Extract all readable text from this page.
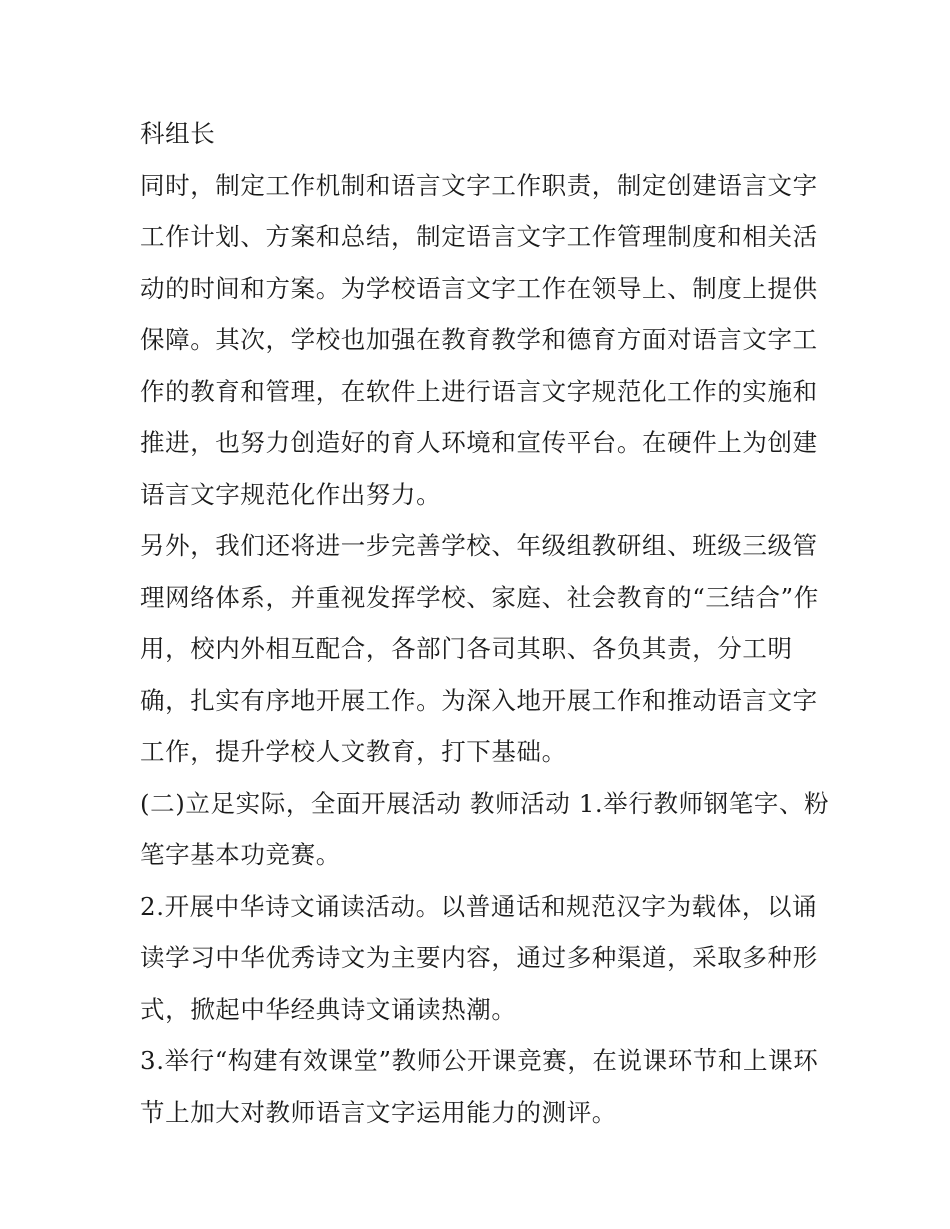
科组长
同时，制定工作机制和语言文字工作职责，制定创建语言文字
工作计划、方案和总结，制定语言文字工作管理制度和相关活
动的时间和方案。为学校语言文字工作在领导上、制度上提供
保障。其次，学校也加强在教育教学和德育方面对语言文字工
作的教育和管理，在软件上进行语言文字规范化工作的实施和
推进，也努力创造好的育人环境和宣传平台。在硬件上为创建
语言文字规范化作出努力。
另外，我们还将进一步完善学校、年级组教研组、班级三级管
理网络体系，并重视发挥学校、家庭、社会教育的“三结合”作
用，校内外相互配合，各部门各司其职、各负其责，分工明
确，扎实有序地开展工作。为深入地开展工作和推动语言文字
工作，提升学校人文教育，打下基础。
(二)立足实际，全面开展活动 教师活动 1.举行教师钢笔字、粉
笔字基本功竞赛。
2.开展中华诗文诵读活动。以普通话和规范汉字为载体，以诵
读学习中华优秀诗文为主要内容，通过多种渠道，采取多种形
式，掀起中华经典诗文诵读热潮。
3.举行“构建有效课堂”教师公开课竞赛，在说课环节和上课环
节上加大对教师语言文字运用能力的测评。
